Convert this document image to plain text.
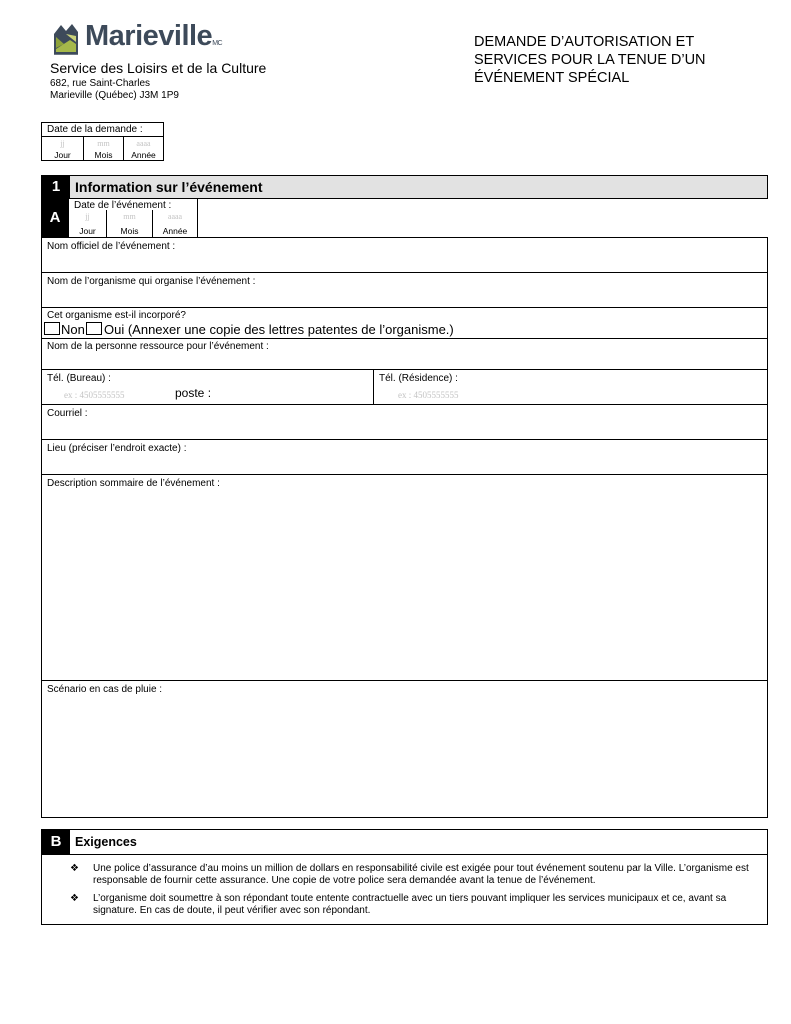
MarievilleMC
Service des Loisirs et de la Culture
682, rue Saint-Charles
Marieville (Québec) J3M 1P9
DEMANDE D’AUTORISATION ET
SERVICES POUR LA TENUE D’UN
ÉVÉNEMENT SPÉCIAL
Date de la demande :
jj
Jour
mm
Mois
aaaa
Année
1	Information sur l’événement
A
Date de l’événement :
jj
Jour
mm
Mois
aaaa
Année
Nom officiel de l’événement :
Nom de l’organisme qui organise l’événement :
Cet organisme est-il incorporé?
Non Oui (Annexer une copie des lettres patentes de l’organisme.)
Nom de la personne ressource pour l’événement :
Tél. (Bureau) :
ex : 4505555555	poste :
Tél. (Résidence) :
ex : 4505555555
Courriel :
Lieu (préciser l’endroit exacte) :
Description sommaire de l’événement :
Scénario en cas de pluie :
B	Exigences
❖ Une police d’assurance d’au moins un million de dollars en responsabilité civile est exigée pour tout événement soutenu par la Ville. L’organisme est responsable de fournir cette assurance. Une copie de votre police sera demandée avant la tenue de l’événement.
❖ L’organisme doit soumettre à son répondant toute entente contractuelle avec un tiers pouvant impliquer les services municipaux et ce, avant sa signature. En cas de doute, il peut vérifier avec son répondant.
